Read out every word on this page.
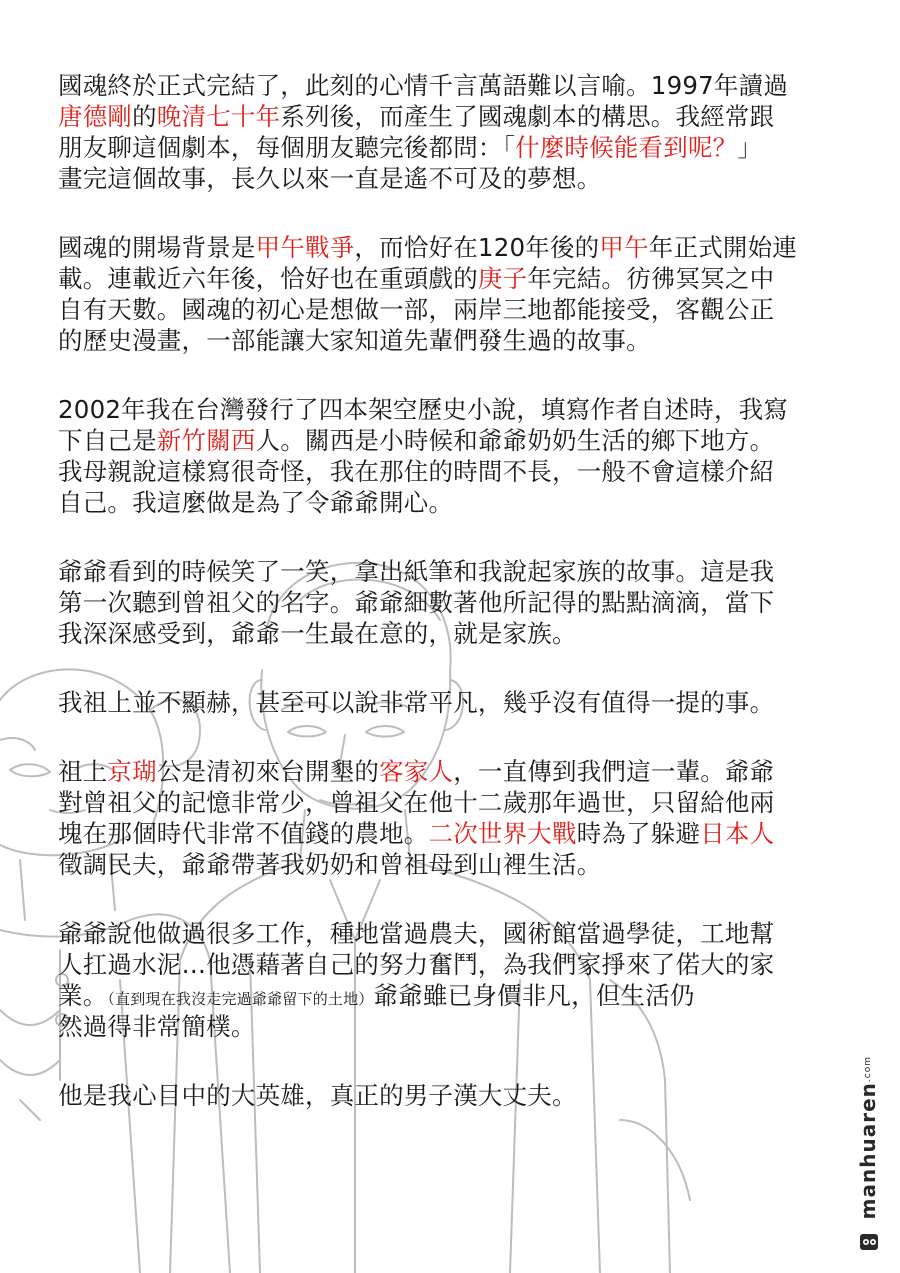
國魂終於正式完結了，此刻的心情千言萬語難以言喻。1997年讀過
唐德剛的晚清七十年系列後，而產生了國魂劇本的構思。我經常跟
朋友聊這個劇本，每個朋友聽完後都問：「什麼時候能看到呢？」
畫完這個故事，長久以來一直是遙不可及的夢想。
國魂的開場背景是甲午戰爭，而恰好在120年後的甲午年正式開始連
載。連載近六年後，恰好也在重頭戲的庚子年完結。彷彿冥冥之中
自有天數。國魂的初心是想做一部，兩岸三地都能接受，客觀公正
的歷史漫畫，一部能讓大家知道先輩們發生過的故事。
2002年我在台灣發行了四本架空歷史小說，填寫作者自述時，我寫
下自己是新竹關西人。關西是小時候和爺爺奶奶生活的鄉下地方。
我母親說這樣寫很奇怪，我在那住的時間不長，一般不會這樣介紹
自己。我這麼做是為了令爺爺開心。
爺爺看到的時候笑了一笑，拿出紙筆和我說起家族的故事。這是我
第一次聽到曾祖父的名字。爺爺細數著他所記得的點點滴滴，當下
我深深感受到，爺爺一生最在意的，就是家族。
我祖上並不顯赫，甚至可以說非常平凡，幾乎沒有值得一提的事。
祖上京瑚公是清初來台開墾的客家人，一直傳到我們這一輩。爺爺
對曾祖父的記憶非常少，曾祖父在他十二歲那年過世，只留給他兩
塊在那個時代非常不值錢的農地。二次世界大戰時為了躲避日本人
徵調民夫，爺爺帶著我奶奶和曾祖母到山裡生活。
爺爺說他做過很多工作，種地當過農夫，國術館當過學徒，工地幫
人扛過水泥…他憑藉著自己的努力奮鬥，為我們家掙來了偌大的家
業。（直到現在我沒走完過爺爺留下的土地）爺爺雖已身價非凡，但生活仍
然過得非常簡樸。
他是我心目中的大英雄，真正的男子漢大丈夫。	manhuaren.com
